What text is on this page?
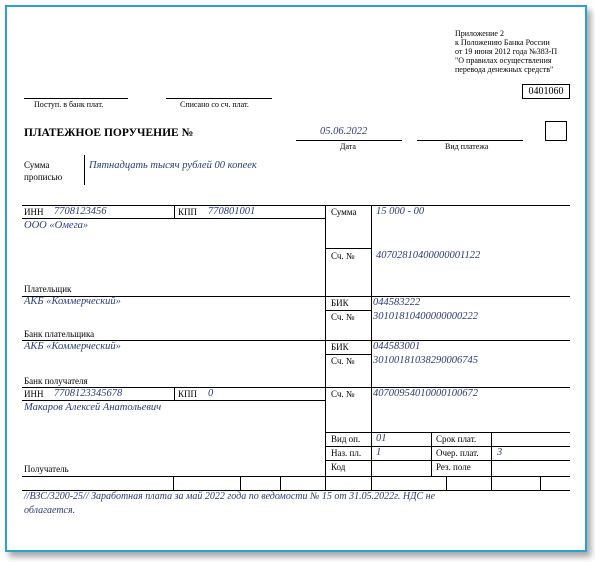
Приложение 2
к Положению Банка России
от 19 июня 2012 года №383-П
"О правилах осуществления
перевода денежных средств"
0401060
Поступ. в банк плат.	Списано со сч. плат.
ПЛАТЕЖНОЕ ПОРУЧЕНИЕ №	05.06.2022
Дата	Вид платежа
Сумма
прописью
Пятнадцать тысяч рублей 00 копеек
ИНН 7708123456	КПП 770801001
ООО «Омега»
Плательщик
Сумма 15 000 - 00
Сч. № 40702810400000001122
АКБ «Коммерческий»
Банк плательщика
БИК 044583222
Сч. № 30101810400000000222
АКБ «Коммерческий»
Банк получателя
БИК 044583001
Сч. № 30100181038290006745
ИНН 7708123345678	КПП 0
Макаров Алексей Анатольевич
Получатель
Сч. № 40700954010000100672
Вид оп. 01	Срок плат.
Наз. пл. 1	Очер. плат. 3
Код	Рез. поле
//ВЗС/3200-25// Заработная плата за май 2022 года по ведомости № 15 от 31.05.2022г. НДС не
облагается.
